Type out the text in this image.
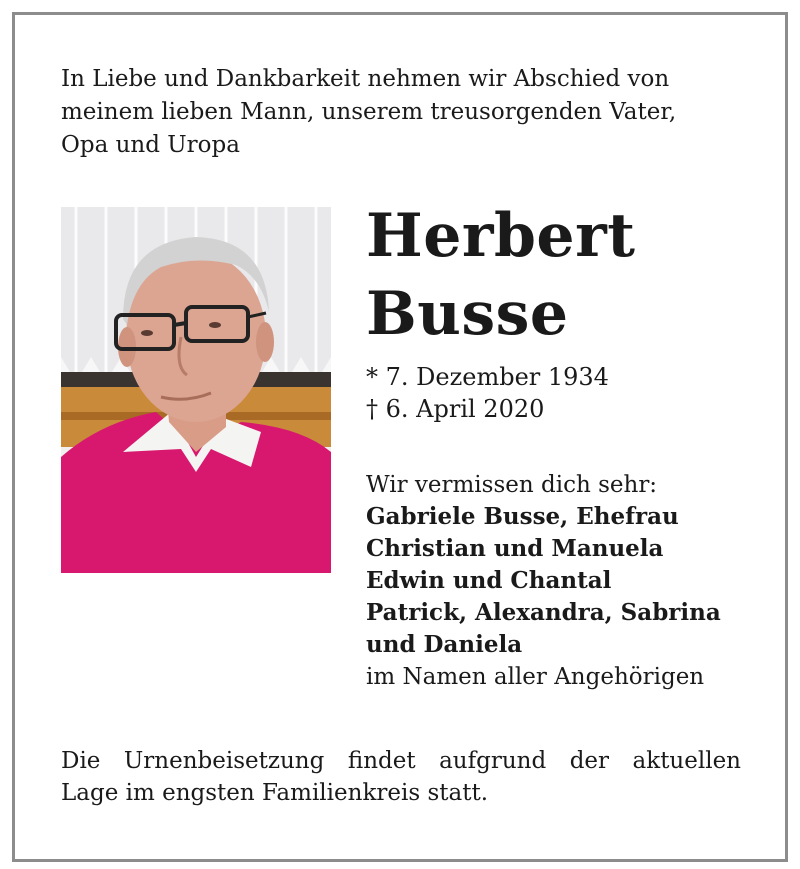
In Liebe und Dankbarkeit nehmen wir Abschied von
meinem lieben Mann, unserem treusorgenden Vater,
Opa und Uropa
Herbert
Busse
* 7. Dezember 1934
† 6. April 2020
Wir vermissen dich sehr:
Gabriele Busse, Ehefrau
Christian und Manuela
Edwin und Chantal
Patrick, Alexandra, Sabrina
und Daniela
im Namen aller Angehörigen
Die Urnenbeisetzung findet aufgrund der aktuellen
Lage im engsten Familienkreis statt.
